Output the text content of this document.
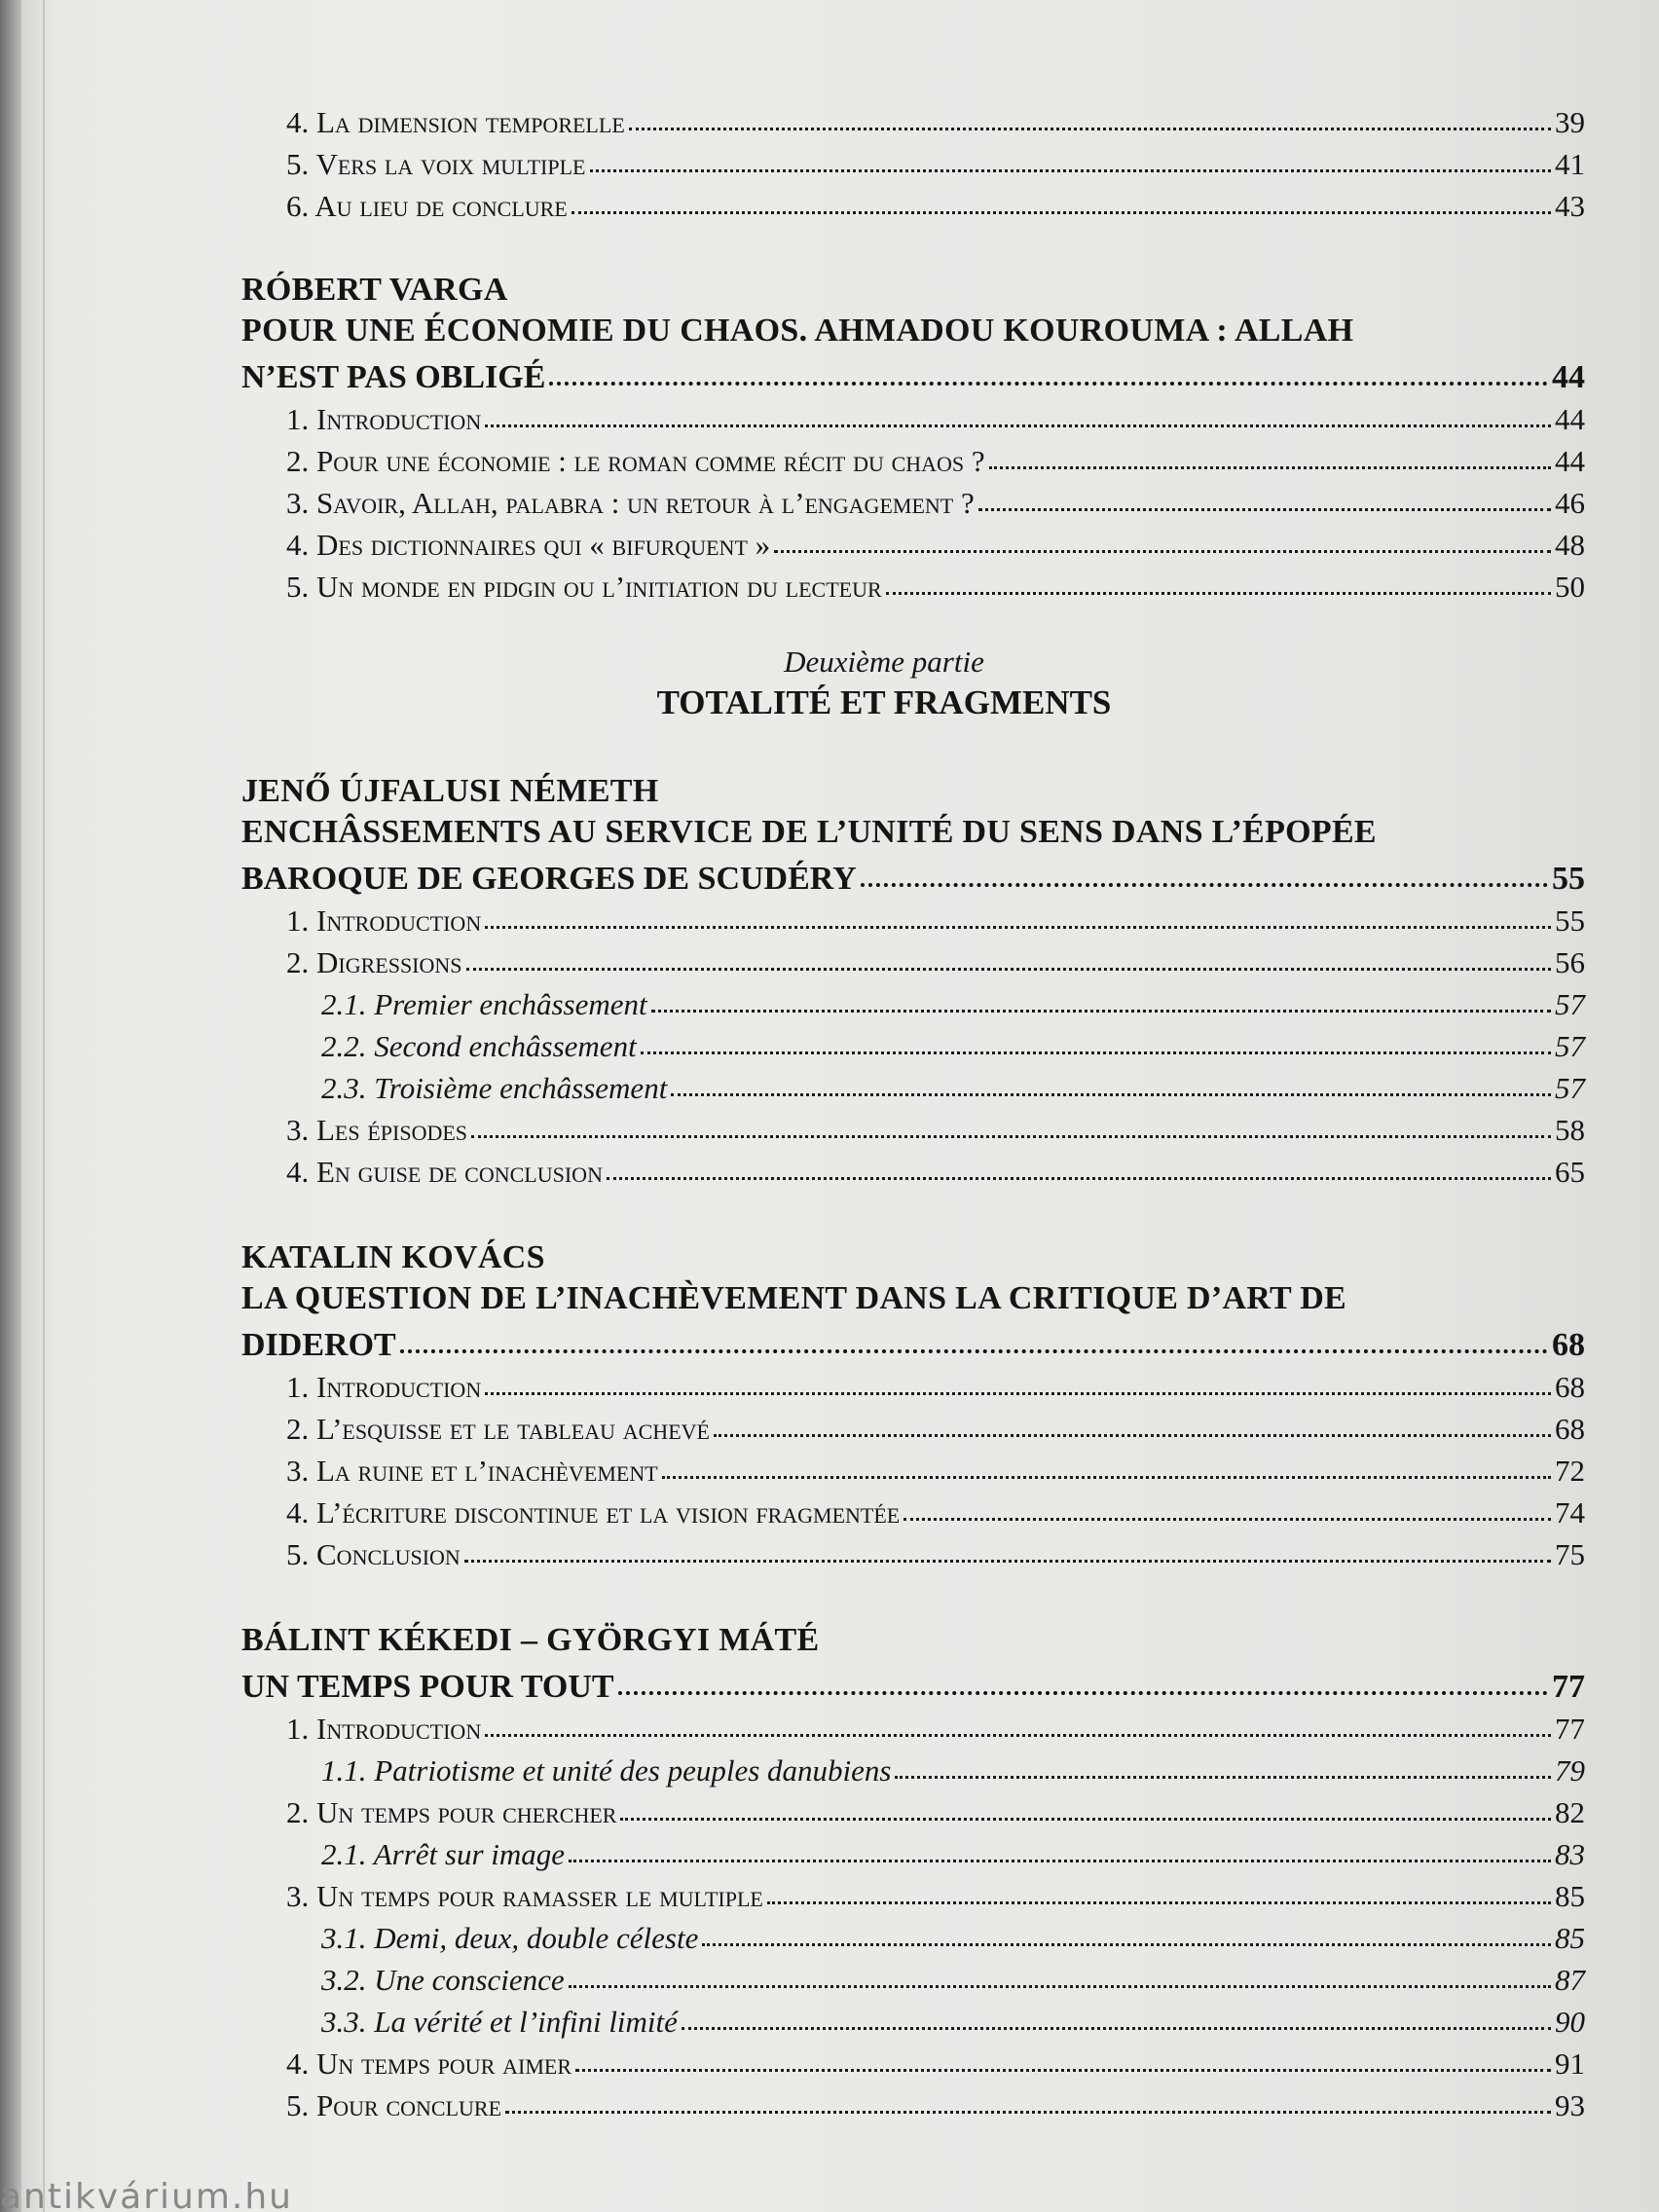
4. La dimension temporelle	39
5. Vers la voix multiple	41
6. Au lieu de conclure	43
RÓBERT VARGA
POUR UNE ÉCONOMIE DU CHAOS. AHMADOU KOUROUMA : ALLAH
N’EST PAS OBLIGÉ	44
1. Introduction	44
2. Pour une économie : le roman comme récit du chaos ?	44
3. Savoir, Allah, palabra : un retour à l’engagement ?	46
4. Des dictionnaires qui « bifurquent »	48
5. Un monde en pidgin ou l’initiation du lecteur	50
Deuxième partie
TOTALITÉ ET FRAGMENTS
JENŐ ÚJFALUSI NÉMETH
ENCHÂSSEMENTS AU SERVICE DE L’UNITÉ DU SENS DANS L’ÉPOPÉE
BAROQUE DE GEORGES DE SCUDÉRY	55
1. Introduction	55
2. Digressions	56
2.1. Premier enchâssement	57
2.2. Second enchâssement	57
2.3. Troisième enchâssement	57
3. Les épisodes	58
4. En guise de conclusion	65
KATALIN KOVÁCS
LA QUESTION DE L’INACHÈVEMENT DANS LA CRITIQUE D’ART DE
DIDEROT	68
1. Introduction	68
2. L’esquisse et le tableau achevé	68
3. La ruine et l’inachèvement	72
4. L’écriture discontinue et la vision fragmentée	74
5. Conclusion	75
BÁLINT KÉKEDI – GYÖRGYI MÁTÉ
UN TEMPS POUR TOUT	77
1. Introduction	77
1.1. Patriotisme et unité des peuples danubiens	79
2. Un temps pour chercher	82
2.1. Arrêt sur image	83
3. Un temps pour ramasser le multiple	85
3.1. Demi, deux, double céleste	85
3.2. Une conscience	87
3.3. La vérité et l’infini limité	90
4. Un temps pour aimer	91
5. Pour conclure	93
antikvárium.hu
